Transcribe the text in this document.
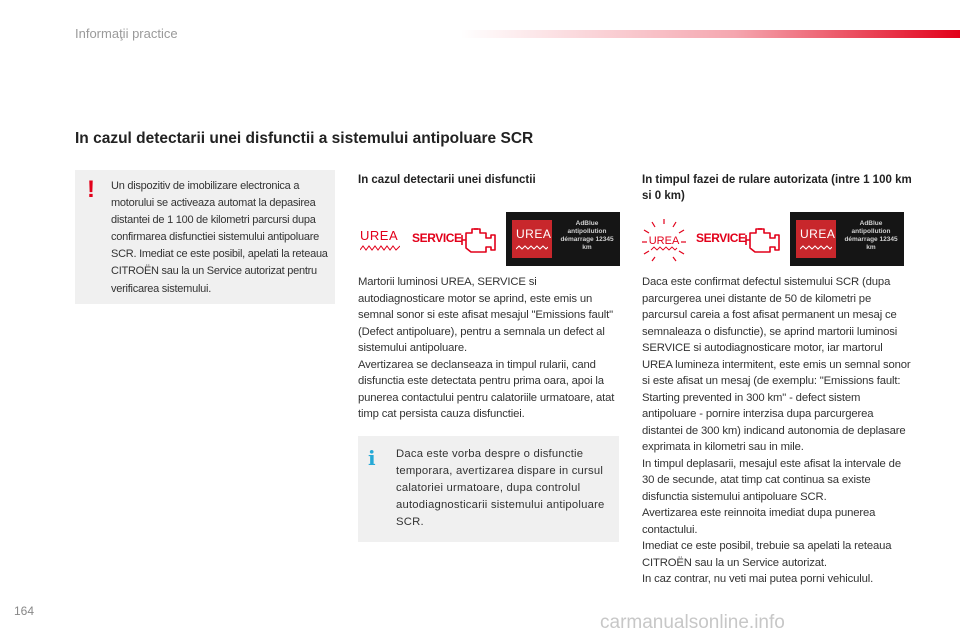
Informaţii practice
In cazul detectarii unei disfunctii a sistemului antipoluare SCR
! Un dispozitiv de imobilizare electronica a motorului se activeaza automat la depasirea distantei de 1 100 de kilometri parcursi dupa confirmarea disfunctiei sistemului antipoluare SCR. Imediat ce este posibil, apelati la reteaua CITROËN sau la un Service autorizat pentru verificarea sistemului.
In cazul detectarii unei disfunctii	In timpul fazei de rulare autorizata (intre 1 100 km si 0 km)
UREA SERVICE	UREA
AdBlue antipollution démarrage 12345 km
UREA SERVICE	UREA
AdBlue antipollution démarrage 12345 km
Martorii luminosi UREA, SERVICE si autodiagnosticare motor se aprind, este emis un semnal sonor si este afisat mesajul "Emissions fault" (Defect antipoluare), pentru a semnala un defect al sistemului antipoluare.
Avertizarea se declanseaza in timpul rularii, cand disfunctia este detectata pentru prima oara, apoi la punerea contactului pentru calatoriile urmatoare, atat timp cat persista cauza disfunctiei.
i Daca este vorba despre o disfunctie temporara, avertizarea dispare in cursul calatoriei urmatoare, dupa controlul autodiagnosticarii sistemului antipoluare SCR.
Daca este confirmat defectul sistemului SCR (dupa parcurgerea unei distante de 50 de kilometri pe parcursul careia a fost afisat permanent un mesaj ce semnaleaza o disfunctie), se aprind martorii luminosi SERVICE si autodiagnosticare motor, iar martorul UREA lumineza intermitent, este emis un semnal sonor si este afisat un mesaj (de exemplu: "Emissions fault: Starting prevented in 300 km" - defect sistem antipoluare - pornire interzisa dupa parcurgerea distantei de 300 km) indicand autonomia de deplasare exprimata in kilometri sau in mile.
In timpul deplasarii, mesajul este afisat la intervale de 30 de secunde, atat timp cat continua sa existe disfunctia sistemului antipoluare SCR.
Avertizarea este reinnoita imediat dupa punerea contactului.
Imediat ce este posibil, trebuie sa apelati la reteaua CITROËN sau la un Service autorizat.
In caz contrar, nu veti mai putea porni vehiculul.
164
carmanualsonline.info
